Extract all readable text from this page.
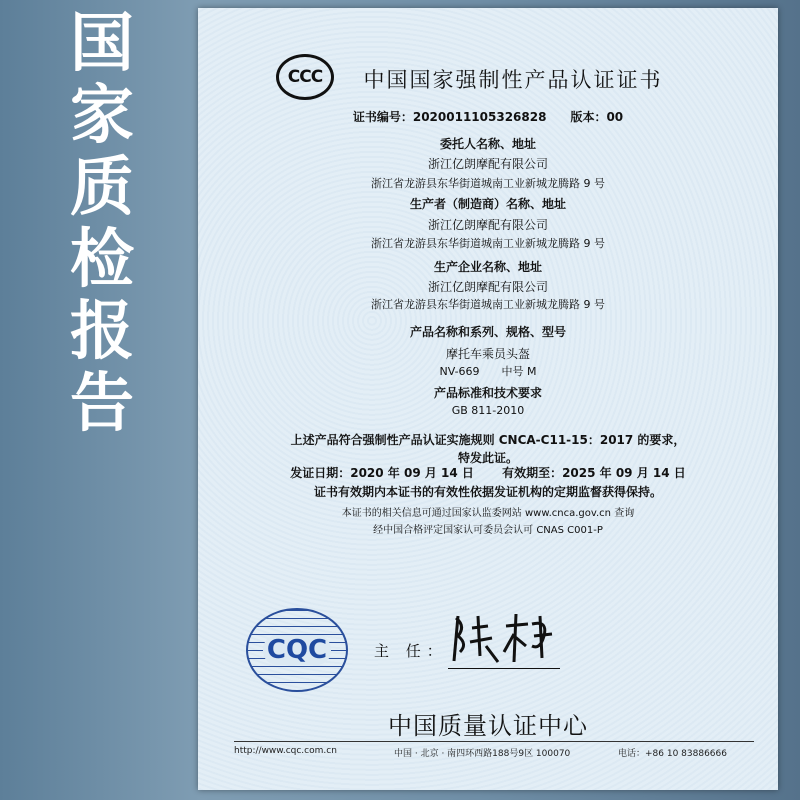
国
家
质
检
报
告
CCC	中国国家强制性产品认证证书
证书编号：2020011105326828　　版本：00
委托人名称、地址
浙江亿朗摩配有限公司
浙江省龙游县东华街道城南工业新城龙腾路 9 号
生产者（制造商）名称、地址
浙江亿朗摩配有限公司
浙江省龙游县东华街道城南工业新城龙腾路 9 号
生产企业名称、地址
浙江亿朗摩配有限公司
浙江省龙游县东华街道城南工业新城龙腾路 9 号
产品名称和系列、规格、型号
摩托车乘员头盔
NV-669　　中号 M
产品标准和技术要求
GB 811-2010
上述产品符合强制性产品认证实施规则 CNCA-C11-15：2017 的要求，
特发此证。
发证日期：2020 年 09 月 14 日　　 有效期至：2025 年 09 月 14 日
证书有效期内本证书的有效性依据发证机构的定期监督获得保持。
本证书的相关信息可通过国家认监委网站 www.cnca.gov.cn 查询
经中国合格评定国家认可委员会认可 CNAS C001-P
CQC	主 任：
中国质量认证中心
http://www.cqc.com.cn	中国 · 北京 · 南四环西路188号9区 100070	电话：+86 10 83886666
